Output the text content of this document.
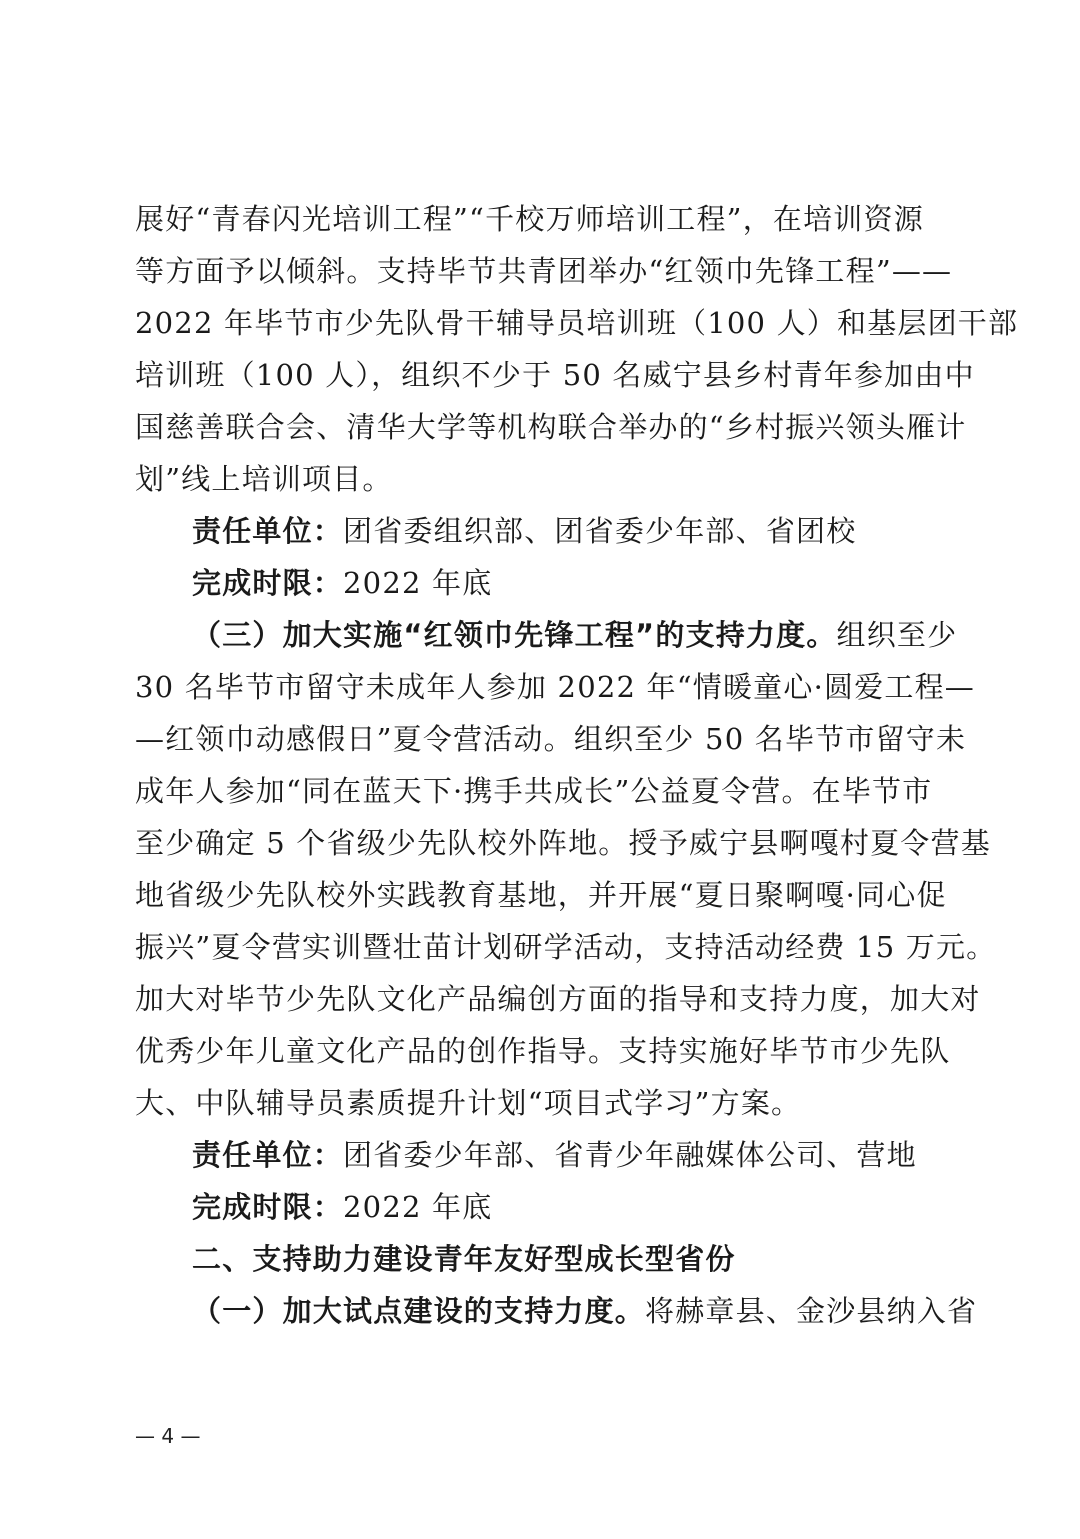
展好“青春闪光培训工程”“千校万师培训工程”，在培训资源
等方面予以倾斜。支持毕节共青团举办“红领巾先锋工程”——
2022 年毕节市少先队骨干辅导员培训班（100 人）和基层团干部
培训班（100 人），组织不少于 50 名威宁县乡村青年参加由中
国慈善联合会、清华大学等机构联合举办的“乡村振兴领头雁计
划”线上培训项目。
责任单位：团省委组织部、团省委少年部、省团校
完成时限：2022 年底
（三）加大实施“红领巾先锋工程”的支持力度。组织至少
30 名毕节市留守未成年人参加 2022 年“情暖童心·圆爱工程—
—红领巾动感假日”夏令营活动。组织至少 50 名毕节市留守未
成年人参加“同在蓝天下·携手共成长”公益夏令营。在毕节市
至少确定 5 个省级少先队校外阵地。授予威宁县啊嘎村夏令营基
地省级少先队校外实践教育基地，并开展“夏日聚啊嘎·同心促
振兴”夏令营实训暨壮苗计划研学活动，支持活动经费 15 万元。
加大对毕节少先队文化产品编创方面的指导和支持力度，加大对
优秀少年儿童文化产品的创作指导。支持实施好毕节市少先队
大、中队辅导员素质提升计划“项目式学习”方案。
责任单位：团省委少年部、省青少年融媒体公司、营地
完成时限：2022 年底
二、支持助力建设青年友好型成长型省份
（一）加大试点建设的支持力度。将赫章县、金沙县纳入省
— 4 —
